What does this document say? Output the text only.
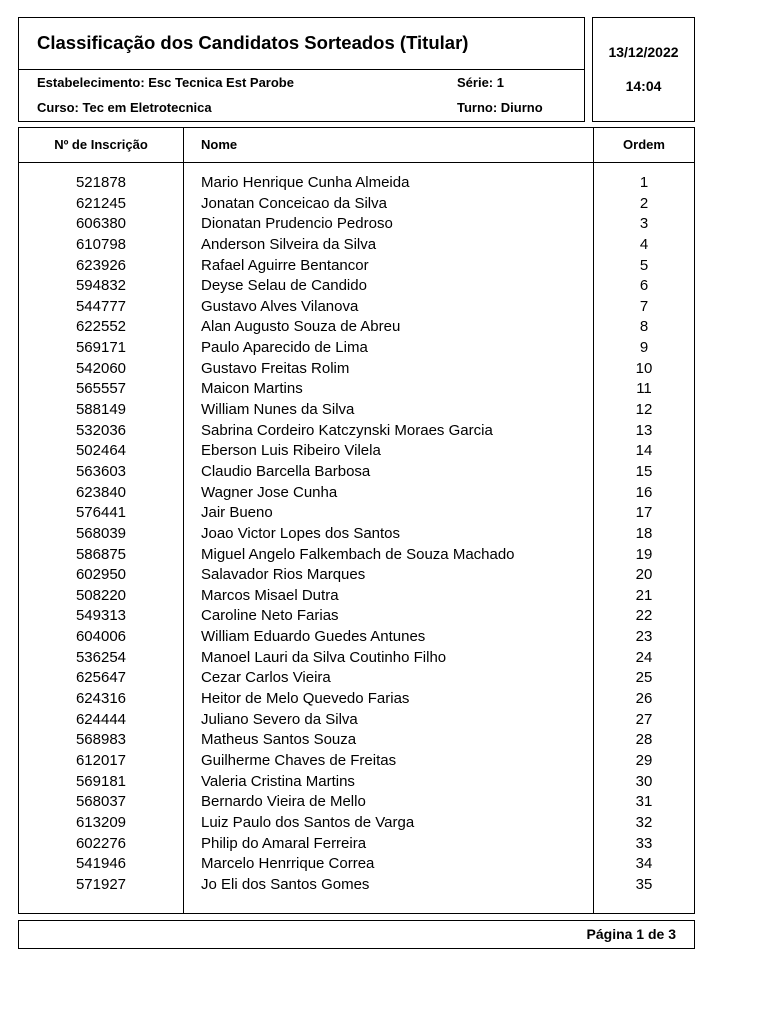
Classificação dos Candidatos Sorteados (Titular)
Estabelecimento: Esc Tecnica Est Parobe	Série: 1
Curso: Tec em Eletrotecnica	Turno: Diurno
13/12/2022
14:04
Nº de Inscrição	Nome	Ordem
521878	Mario Henrique Cunha Almeida	1
621245	Jonatan Conceicao da Silva	2
606380	Dionatan Prudencio Pedroso	3
610798	Anderson Silveira da Silva	4
623926	Rafael Aguirre Bentancor	5
594832	Deyse Selau de Candido	6
544777	Gustavo Alves Vilanova	7
622552	Alan Augusto Souza de Abreu	8
569171	Paulo Aparecido de Lima	9
542060	Gustavo Freitas Rolim	10
565557	Maicon Martins	11
588149	William Nunes da Silva	12
532036	Sabrina Cordeiro Katczynski Moraes Garcia	13
502464	Eberson Luis Ribeiro Vilela	14
563603	Claudio Barcella Barbosa	15
623840	Wagner Jose Cunha	16
576441	Jair Bueno	17
568039	Joao Victor Lopes dos Santos	18
586875	Miguel Angelo Falkembach de Souza Machado	19
602950	Salavador Rios Marques	20
508220	Marcos Misael Dutra	21
549313	Caroline Neto Farias	22
604006	William Eduardo Guedes Antunes	23
536254	Manoel Lauri da Silva Coutinho Filho	24
625647	Cezar Carlos Vieira	25
624316	Heitor de Melo Quevedo Farias	26
624444	Juliano Severo da Silva	27
568983	Matheus Santos Souza	28
612017	Guilherme Chaves de Freitas	29
569181	Valeria Cristina Martins	30
568037	Bernardo Vieira de Mello	31
613209	Luiz Paulo dos Santos de Varga	32
602276	Philip do Amaral Ferreira	33
541946	Marcelo Henrrique Correa	34
571927	Jo Eli dos Santos Gomes	35
Página 1 de 3
